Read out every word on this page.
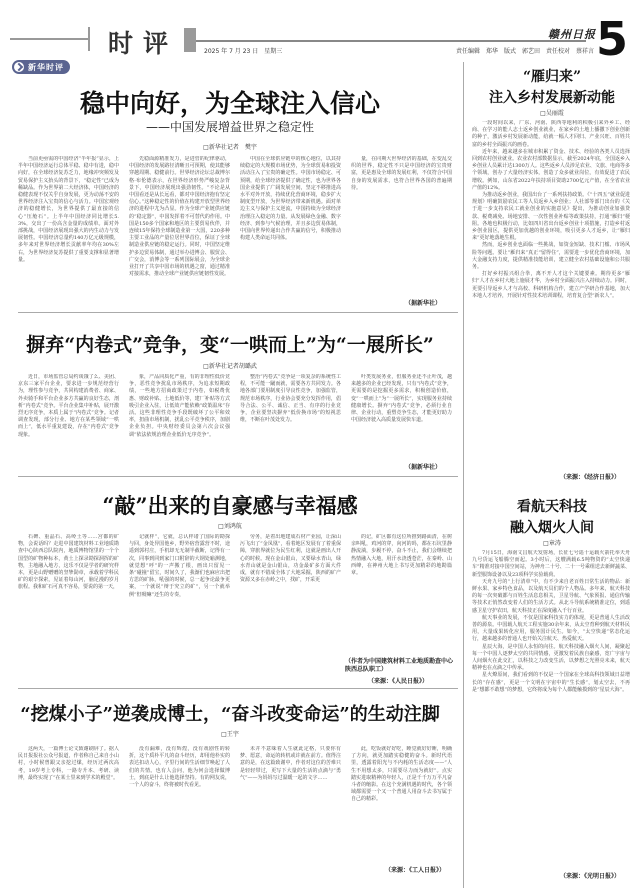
时评	2025 年 7 月 23 日　星期三
赣州日报
责任编辑　郑华　版式　郭艺田　责任校对　蔡祥言 5
新华时评
稳中向好，为全球注入信心
——中国发展增益世界之稳定性
□新华社记者　樊宇
当前更亟需的中国经济“半年报”显示，上半年中国经济运行总体平稳、稳中有进，稳中向好，在全球经济复苏乏力，地缘冲突频发及贸易保护主义抬头的背景下，“稳定性”已成为稀缺品。作为世界第二大经济体，中国经济的稳健表现不仅关乎自身发展，更为动荡不安的世界经济注入宝贵的信心与活力。中国宏观经济的稳健增长，为世界提供了最直接的信心“压舱石”。上半年中国经济同比增长5.3%，交出了一份高含金量的成绩单。面对外部挑战，中国经济展现出强大的内生动力与发展韧性。中国经济总量约140万亿元级规模，多年来对世界经济增长贡献率年均在30%左右，为世界经济复苏提供了重要支撑和显著增量。
先稳面源精准发力，是进管的纪律驱动，中国经济的发展路径清晰且可预期，使其能够穿越周期、稳健前行。世界经济论坛总裁博尔格·布伦德表示，在世界经济形势严峻复杂背景下，中国经济展现出强劲韧性。“不论是从中国看还是从长远看，都对中国经济抱有坚定信心。”这种稳定性的价值在构建开放型世界经济的进程中尤为凸显。作为全球产业链供应链的“稳定器”，中国发挥着不可替代的作用。中国是150多个国家和地区的主要贸易伙伴，并连续15年保持全球制造业第一大国，220多种主要工业品的产量位居世界首位，保证了全球制造业供应链的稳定运行。同时，中国坚定维护多边贸易体制，通过举办进博会、服贸会、广交会，消博会等一系列国际展会，为全球企业打开了共享中国市场的机遇之窗，通过精准对接需求，推动全球产业链供应链韧性发展。
中国在全球供应链中的核心地位，以其持续稳定的大规模市场优势，为全球贸易和投资活动注入了宝贵的确定性。中国市场稳定、可预期，给全球经济提供了确定性，也为世界各国企业提供了广阔发展空间，坚定不移推进高水平对外开放，持续优化营商环境，稳步扩大制度型开放，为世界经济带来新机遇。面对单边主义与保护主义逆流，中国持续为全球经济治理注入稳定的力量。从发展绿色金融、数字经济、到参与气候治理，并且多边贸易体制，中国向世界传递出合作共赢的信号，积极推动构建人类命运共同体。
量，在同期大世界经济的基础，在变乱交织的世界，稳定性不只是中国经济的宝贵财富，更是惠及全球的发展红利，不仅符合中国自身的发展需求，也符合世界各国的普遍期待。
（据新华社）
摒弃“内卷式”竞争，变“一哄而上”为“一展所长”
□新华社记者胡璐武
近日，市场监管总局约谈饿了么、美团、京东三家平台企业，要求进一步规范经营行为，理性参与竞争，共同构建消费者、商家、外卖骑手和平台企业多方共赢的良好生态，剖析“内卷式”竞争。平台企业集中补贴，展开激烈无序竞争，本质上属于“内卷式”竞争。记者调查发现，部分行业、地方在某些领域“一哄而上”，低水平重复建设，存在“内卷式”竞争现象。
象，产品同质化严重，有的非理性低价竞争，恶性竞争扰乱市场秩序，为追求短期政绩，一些地方招商政策过于内卷，如税费优惠、财政补贴、土地低价等，建厂补贴等方式吸引企业入驻，让低效产能依赖“政策温床”存活。这些非理性竞争手段既破坏了公平和效率，扭曲市场机制，扰乱公平竞争秩序，加剧企业负担。中央财经委员会第六次会议强调“依法依规治理企业低价无序竞争”。
整治“内卷式”竞争是一项复杂的系统性工程，不可能一蹴而就，需要各方共同发力。各地各部门要用制度引导良性竞争，加强监管，规范市场秩序，行业协会要充分发挥作用，倡导合法、公平、诚信、正当、有序的行业竞争，企业要坚决摒弃“低价换市场”的短视思维，不断在叶茂处发力。
叶类发展务业，但服务业还不止叶茂，越来越多的企业已经发现，只有“内卷式”竞争，更需要的是挖掘更多需求，积极创造价值，变“一哄而上”为“一展所长”，实现服务业持续健康增长。摒弃“内卷式”竞争，必须行业自律、企业行动，重塑竞争生态，才能更好助力中国经济驶入高质量发展快车道。
（据新华社）
“敲”出来的自豪感与幸福感
□刘鸿航
石碑、重晶石、高岭土等……宫都的矿物，会说话吗？走进中国建筑材料工业地质勘查中心陕西总队院内，地质博物馆里的一个个国型的矿物种标本，黄土上探录勘探洞挥的矿物，主地融入地方，这乐不仅是学者的研究样本，更是山野赠赠的坚挚勋章，承载着学科民矿的艰辛探索，见证着每山河，脑足漫的岁月旅程。我和矿石可真不容易，要说的第一天，
记就样”，它就，总认样诸了国际的勘探与回，身处异国他乡，野外宿营露营不时，途遥到郭村庄，手机却无无制半截断，记得有一次，同事到同到家门口附辞的大钢处喻测地，就觉想“呼”的一声搬了根，画出只留见一条“碰撞”留宝，时间久了，我渐们也麻应出把方思的矿脉，吼强的时候，总一起争论最争更案，一个就说“辩于究立的矿”，另一个就举例“但吸嘛”还生的专奏，
劳务，是着出地建成石材产业园，让深山污飞出了“金凤凰”，看着地区发展有了着重保障，穿旅界就位为民生红利，这就是画出人开心的时候。现在金山银山，又要绿水青山，绿水青山就是金山银山，功金最矿多方面大件成，就有不错成全体了大地采掘，陕西的矿产资源又多在赤岭之中，找矿，开采更
的记，矿区都有这位所推到路面清，在树亲叫吼，鸡河的穿，向河的吗，都在石坑里静静流淌，步履不停，奋斗不止，我们会继续把热情融入大地，用汗水浇透苍茫，在秦岭、山西峰，在神州大地上书写更加精彩的地勘篇章。
（作者为中国建筑材料工业地质勘查中心陕西总队职工）
（来源：《人民日报》）
“挖煤小子”逆袭成博士，“奋斗改变命运”的生动注脚
□王宇
这两天，一篇博士论文致谢刷屏了。据人民日报报社公众号报道，作者称自己来自小山村，小时候曾跟父亲挖过煤，经历过两次高考，19岁考上专科，一路专升本、考研、读博，最终实现了“在某士里来到学术的殿堂”。
没有漏难，没有辉煌，没有戏剧性的转折，这个质朴平凡的奋斗经历，却用他朴实的表达扣动人心，字里行间的生活细节唤起了人们的共情。也有人会问，他为何会选择做博士，到底是什么让他选择坚持。有的网友说，一个人的奋斗，终将被时代看见。
未并不意味着人生就此定格，只要你有梦、愿意，命运的转机或许就在前方。值得注意的是，在这篇致谢中，作者对这位的苦难只是轻轻带过，更写下大量的生活的点滴与“勇气”——为妈妈写过温暖一起的文字……
此，吃饭就好好吃，睡觉就好好睡，明确了方向，就更加踏实稳健的奋斗。新时代语里，透露着阳光与不内耗的生活态度——“人生不用想太多，只需要尽力而为就好”。点实踏实进取精神的年轻人，正是千千万万平凡奋斗者的缩影。在这个充满机遇的时代，各个领域都需要一个又一个普通人用奋斗去书写属于自己的精彩。
（来源：《工人日报》）
“雁归来”
注入乡村发展新动能
□吴丽霞

一段时间以来，广东、河南、陕西等地利的积极引来外乡工、经商、在学习的能人志士返乡创业就业，在家乡的土地上播撒下创业创新的种子，激活乡村发展新动能，给就一幅人才回归、产业兴旺、百姓共富的乡村全面振兴的画卷。

近年来，越来越多在城市积累了资金、技术、经验的各类人员选择回到农村创业就业。农业农村部数据显示，截至2024年底，全国返乡入乡创业人员累计达1300万人。这些返乡人员涉足农业、文旅、电商等多个领域，创办了大量经济实体，创造了众多就业岗位，有效促进了农民增收。例如，山东省2022年扶持项目资助2700亿元产值，在全省农业产值的12%。

为推动返乡创业，我国出台了一系列扶持政策。《“十四五”就业促进规划》明确鼓励农民工等人员返乡入乡创业；人社部等部门出台的《关于进一步支持农民工就业创业的实施意见》提出，为推动创业加强贷款、税费减免、场地安排、一次性创业补贴等政策扶持，打通“雁归”梗阻。各地也积极行动，比如四川省出台返乡创业十项措施，打造乡村返乡创业园区，提供更加优越的创业环境，吸引更多人才返乡，让“雁归来”更好地落地生根。

然而，返乡创业也面临一些挑战，如资金短缺、技术门槛、市场风险等问题。要让“雁归来”真正“留得住”，需要进一步优化营商环境，加大金融支持力度，提供精准技能培训，建立健全农村基础设施和公共服务。

打好乡村振兴组合拳，离不开人才这个关键要素。期待更多“雁归”人才在乡村大地上施展才华，为乡村全面振兴注入持续动力。同时，更要引导返乡人才与高校、科研机构合作，建立产学研合作基地，加大本地人才培养，开展针对性技术培训课程，培育复合型“新农人”。

（来源：《经济日报》）
看航天科技
融入烟火人间
□章涛

7月15日，海南文昌航天发射场，长征七号遥十运载火箭托举天舟九号货运飞船腾空而起。3小时后，这艘满载6.5吨物资的“太空快递车”精准对接中国空间站，为神舟二十号、二十一号乘组送去新鲜蔬菜、新型服饰设备以及23项科学实验载荷。

天舟九号的“上行清单”中，有不少来自老百姓日常生活的物品：新鲜水果、家乡特色食品，以及航天员们的个人物品。多年来，航天科技的每一次突破都与百姓生活息息相关，卫星导航、气象预报、通信传输等技术正悄然改变着人们的生活方式。从北斗导航系统精准定位，到遥感卫星守护农田，航天科技正在深度融入千行百业。

航天事业的发展，不仅是国家科技实力的体现，更是普通人生活改善的源泉。中国载人航天工程实施30余年来，从太空育种到航天材料民用，大量成果转化应用，服务国计民生。如今，“太空快递”常态化运行，越来越多的普通人也开始关注航天、热爱航天。

星辰大海，是中国人永恒的向往。航天科技融入烟火人间，凝聚起每一个中国人逐梦太空的共同情感，更激发着民族自豪感，宽广宇宙与人间烟火在此交汇，以科技之力改变生活，以梦想之光照亮未来，航天精神也在点滴之中传承。

星火燎原间，我们看到的不仅是一个国家在全球高科技领域日益增长的“存在感”，更是一个文明在宇宙中的“生长感”，划太空去，不再是“想都不敢想”的梦想，它终将成为每个人都能触摸到的“星辰大海”。

（来源：《光明日报》）
